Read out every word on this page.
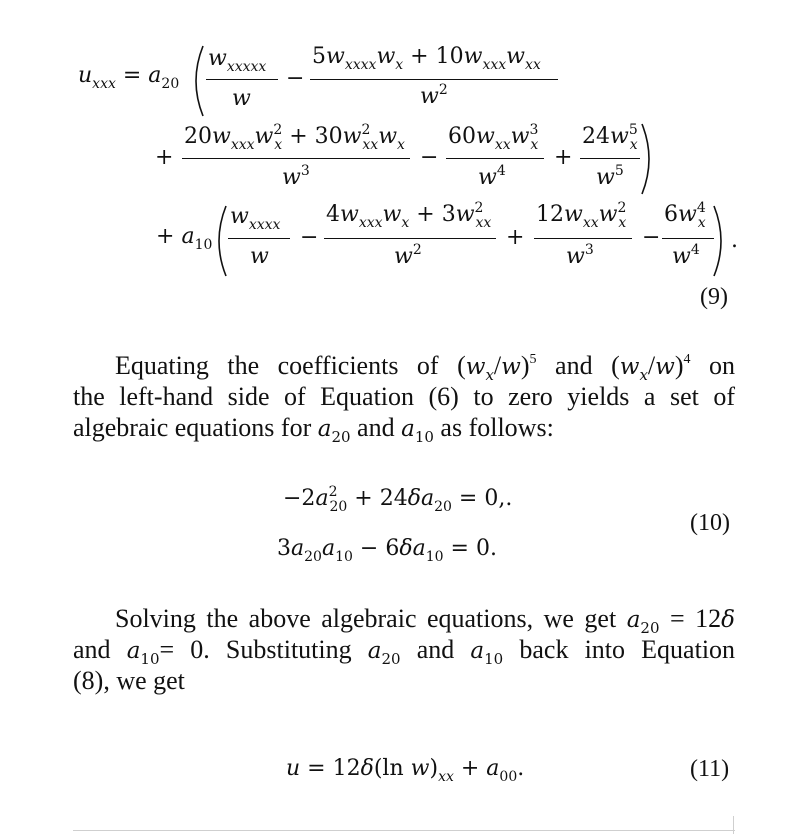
$u_{xxx} = a_{20}$
$w_{xxxxx}$
w
−
$5w_{xxxx}w_x + 10w_{xxx}w_{xx}$
$w^2$
+
$20w_{xxx}w^2_x + 30w^2_{xx}w_x$
$w^3$
−
$60w_{xx}w^3_x$
$w^4$
+
$24w^5_x$
$w^5$
+ $a_{10}$
$w_{xxxx}$
w
−
$4w_{xxx}w_x + 3w^2_{xx}$
$w^2$	+
$12w_{xx}w^2_x$
$w^3$ −
$6w^4_x$
$w^4$ .
(9)
Equating the coefficients of $(w_x/w)^5$ and $(w_x/w)^4$ on
the left-hand side of Equation (6) to zero yields a set of
algebraic equations for $a_{20}$ and $a_{10}$ as follows:
$-2a^2_{20} + 24\delta a_{20} = 0$,.
$3a_{20}a_{10} - 6\delta a_{10} = 0$.
(10)
Solving the above algebraic equations, we get $a_{20} = 12\delta$
and $a_{10}= 0$. Substituting $a_{20}$ and $a_{10}$ back into Equation
(8), we get
u = 12δ(ln $w)_{xx} + a_{00}$.	(11)
